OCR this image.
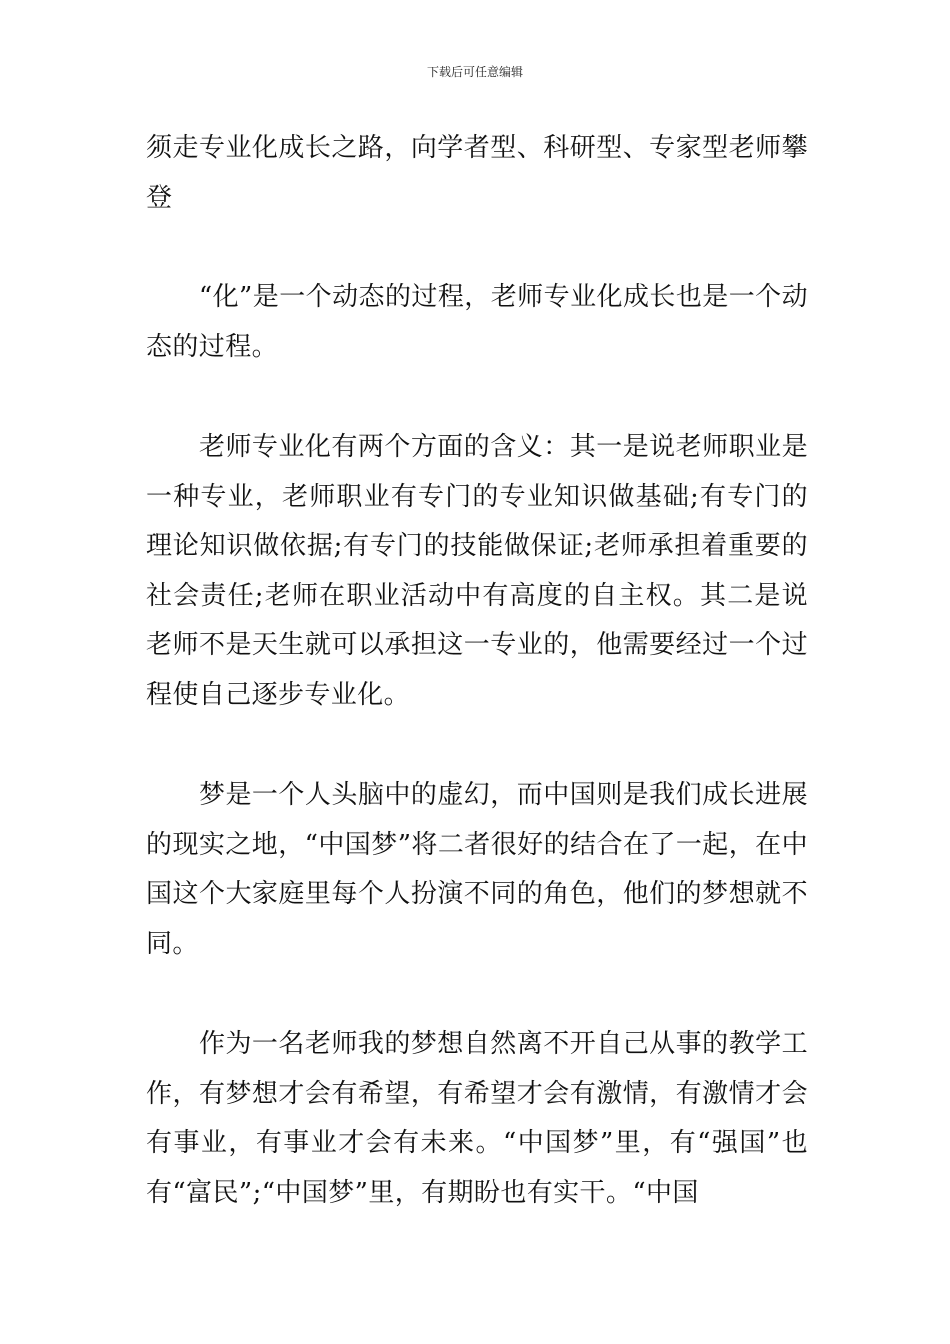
下载后可任意编辑

须走专业化成长之路，向学者型、科研型、专家型老师攀登

　　“化”是一个动态的过程，老师专业化成长也是一个动态的过程。

　　老师专业化有两个方面的含义：其一是说老师职业是一种专业，老师职业有专门的专业知识做基础;有专门的理论知识做依据;有专门的技能做保证;老师承担着重要的社会责任;老师在职业活动中有高度的自主权。其二是说老师不是天生就可以承担这一专业的，他需要经过一个过程使自己逐步专业化。

　　梦是一个人头脑中的虚幻，而中国则是我们成长进展的现实之地，“中国梦”将二者很好的结合在了一起，在中国这个大家庭里每个人扮演不同的角色，他们的梦想就不同。

　　作为一名老师我的梦想自然离不开自己从事的教学工作，有梦想才会有希望，有希望才会有激情，有激情才会有事业，有事业才会有未来。“中国梦”里，有“强国”也有“富民”;“中国梦”里，有期盼也有实干。“中国
